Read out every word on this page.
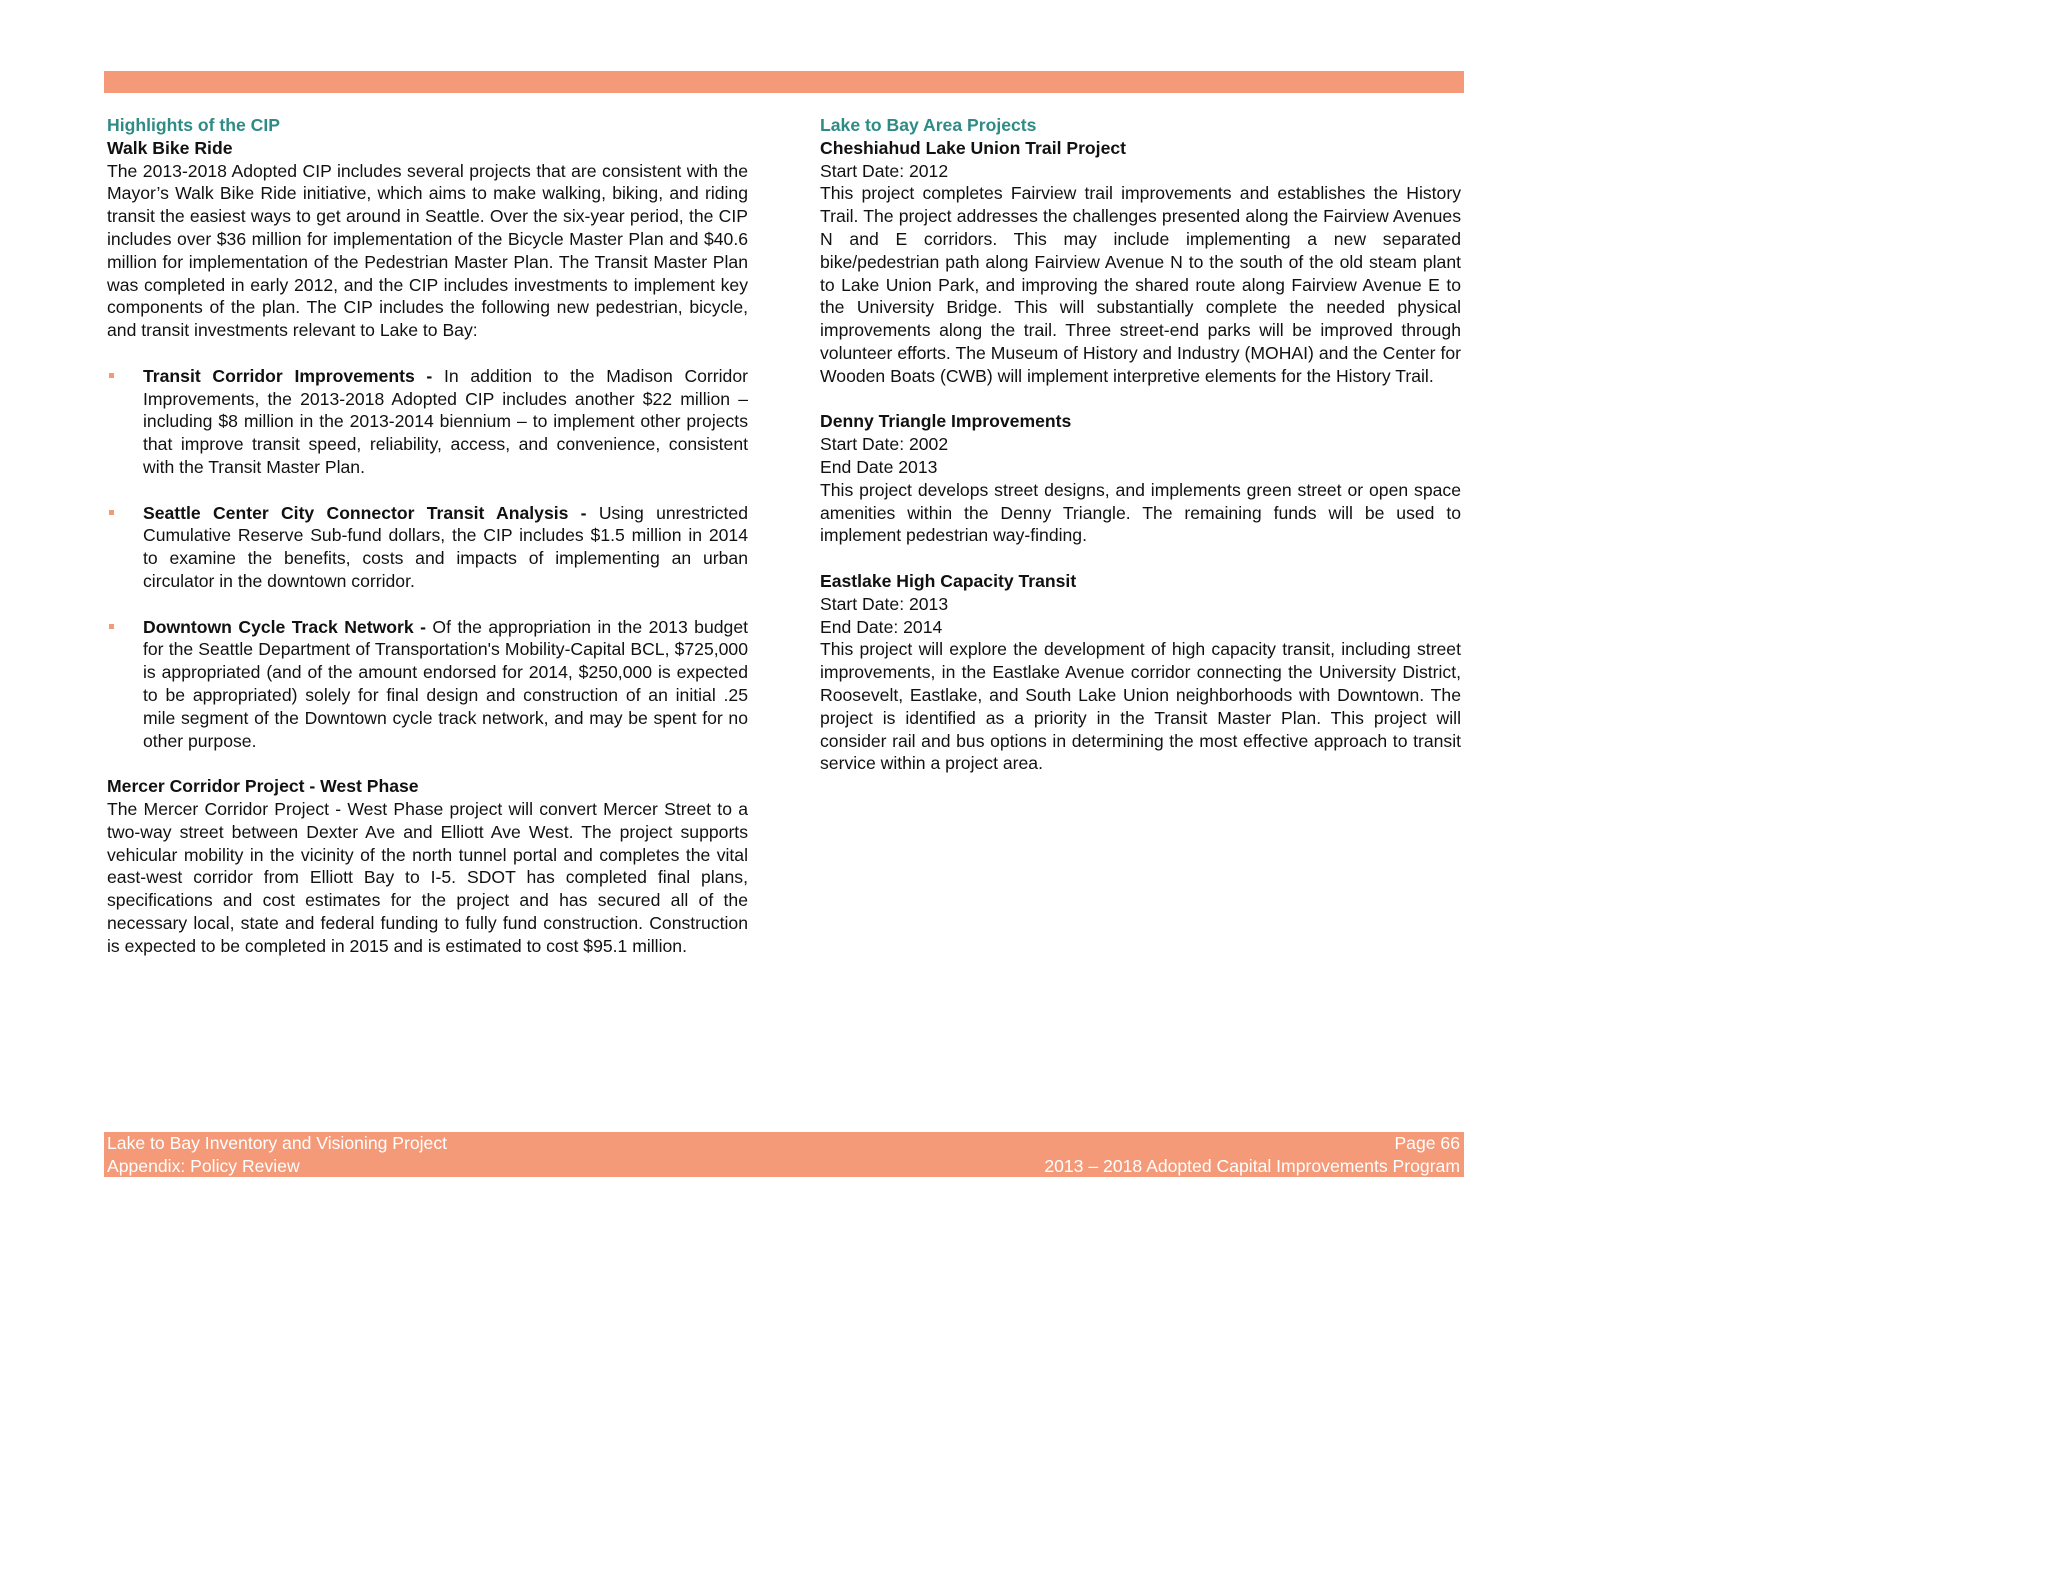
Highlights of the CIP

Walk Bike Ride

The 2013-2018 Adopted CIP includes several projects that are consistent with the Mayor’s Walk Bike Ride initiative, which aims to make walking, biking, and riding transit the easiest ways to get around in Seattle. Over the six-year period, the CIP includes over $36 million for implementation of the Bicycle Master Plan and $40.6 million for implementation of the Pedestrian Master Plan. The Transit Master Plan was completed in early 2012, and the CIP includes investments to implement key components of the plan. The CIP includes the following new pedestrian, bicycle, and transit investments relevant to Lake to Bay:

Transit Corridor Improvements - In addition to the Madison Corridor Improvements, the 2013-2018 Adopted CIP includes another $22 million – including $8 million in the 2013-2014 biennium – to implement other projects that improve transit speed, reliability, access, and convenience, consistent with the Transit Master Plan.
Seattle Center City Connector Transit Analysis - Using unrestricted Cumulative Reserve Sub-fund dollars, the CIP includes $1.5 million in 2014 to examine the benefits, costs and impacts of implementing an urban circulator in the downtown corridor.
Downtown Cycle Track Network - Of the appropriation in the 2013 budget for the Seattle Department of Transportation's Mobility-Capital BCL, $725,000 is appropriated (and of the amount endorsed for 2014, $250,000 is expected to be appropriated) solely for final design and construction of an initial .25 mile segment of the Downtown cycle track network, and may be spent for no other purpose.

Mercer Corridor Project - West Phase

The Mercer Corridor Project - West Phase project will convert Mercer Street to a two-way street between Dexter Ave and Elliott Ave West. The project supports vehicular mobility in the vicinity of the north tunnel portal and completes the vital east-west corridor from Elliott Bay to I-5. SDOT has completed final plans, specifications and cost estimates for the project and has secured all of the necessary local, state and federal funding to fully fund construction. Construction is expected to be completed in 2015 and is estimated to cost $95.1 million.

Lake to Bay Area Projects

Cheshiahud Lake Union Trail Project

Start Date: 2012

This project completes Fairview trail improvements and establishes the History Trail. The project addresses the challenges presented along the Fairview Avenues N and E corridors. This may include implementing a new separated bike/pedestrian path along Fairview Avenue N to the south of the old steam plant to Lake Union Park, and improving the shared route along Fairview Avenue E to the University Bridge. This will substantially complete the needed physical improvements along the trail. Three street-end parks will be improved through volunteer efforts. The Museum of History and Industry (MOHAI) and the Center for Wooden Boats (CWB) will implement interpretive elements for the History Trail.

Denny Triangle Improvements

Start Date: 2002

End Date 2013

This project develops street designs, and implements green street or open space amenities within the Denny Triangle. The remaining funds will be used to implement pedestrian way-finding.

Eastlake High Capacity Transit

Start Date: 2013

End Date: 2014

This project will explore the development of high capacity transit, including street improvements, in the Eastlake Avenue corridor connecting the University District, Roosevelt, Eastlake, and South Lake Union neighborhoods with Downtown. The project is identified as a priority in the Transit Master Plan. This project will consider rail and bus options in determining the most effective approach to transit service within a project area.

Lake to Bay Inventory and Visioning Project
Appendix: Policy Review
Page 66
2013 – 2018 Adopted Capital Improvements Program
